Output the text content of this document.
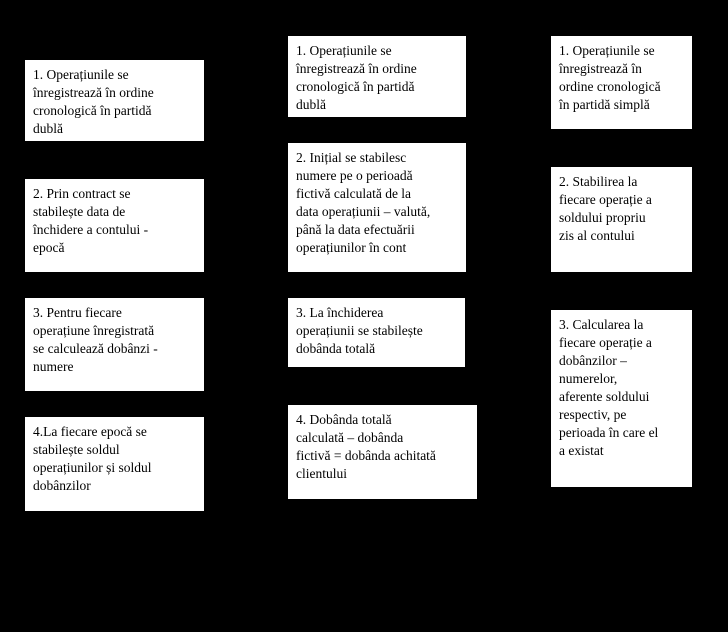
1. Operațiunile se
înregistrează în ordine
cronologică în partidă
dublă
2. Prin contract se
stabilește data de
închidere a contului -
epocă
3. Pentru fiecare
operațiune înregistrată
se calculează dobânzi -
numere
4.La fiecare epocă se
stabilește soldul
operațiunilor și soldul
dobânzilor
1. Operațiunile se
înregistrează în ordine
cronologică în partidă
dublă
2. Inițial se stabilesc
numere pe o perioadă
fictivă calculată de la
data operațiunii – valută,
până la data efectuării
operațiunilor în cont
3. La închiderea
operațiunii se stabilește
dobânda totală
4. Dobânda totală
calculată – dobânda
fictivă = dobânda achitată
clientului
1. Operațiunile se
înregistrează în
ordine cronologică
în partidă simplă
2. Stabilirea la
fiecare operație a
soldului propriu
zis al contului
3. Calcularea la
fiecare operație a
dobânzilor –
numerelor,
aferente soldului
respectiv, pe
perioada în care el
a existat
